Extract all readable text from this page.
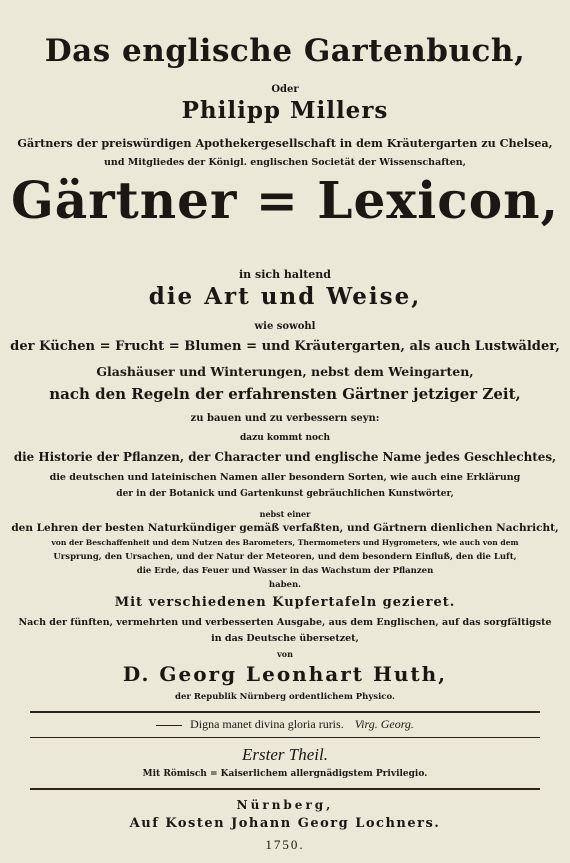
Das englische Gartenbuch,
Oder
Philipp Millers
Gärtners der preiswürdigen Apothekergesellschaft in dem Kräutergarten zu Chelsea,
und Mitgliedes der Königl. englischen Societät der Wissenschaften,
Gärtner = Lexicon,
in sich haltend
die Art und Weise,
wie sowohl
der Küchen = Frucht = Blumen = und Kräutergarten, als auch Lustwälder,
Glashäuser und Winterungen, nebst dem Weingarten,
nach den Regeln der erfahrensten Gärtner jetziger Zeit,
zu bauen und zu verbessern seyn:
dazu kommt noch
die Historie der Pflanzen, der Character und englische Name jedes Geschlechtes,
die deutschen und lateinischen Namen aller besondern Sorten, wie auch eine Erklärung
der in der Botanick und Gartenkunst gebräuchlichen Kunstwörter,
nebst einer
den Lehren der besten Naturkündiger gemäß verfaßten, und Gärtnern dienlichen Nachricht,
von der Beschaffenheit und dem Nutzen des Barometers, Thermometers und Hygrometers, wie auch von dem
Ursprung, den Ursachen, und der Natur der Meteoren, und dem besondern Einfluß, den die Luft,
die Erde, das Feuer und Wasser in das Wachstum der Pflanzen
haben.
Mit verschiedenen Kupfertafeln gezieret.
Nach der fünften, vermehrten und verbesserten Ausgabe, aus dem Englischen, auf das sorgfältigste
in das Deutsche übersetzet,
von
D. Georg Leonhart Huth,
der Republik Nürnberg ordentlichem Physico.
Digna manet divina gloria ruris. Virg. Georg.
Erster Theil.
Mit Römisch = Kaiserlichem allergnädigstem Privilegio.
Nürnberg,
Auf Kosten Johann Georg Lochners.
1750.
